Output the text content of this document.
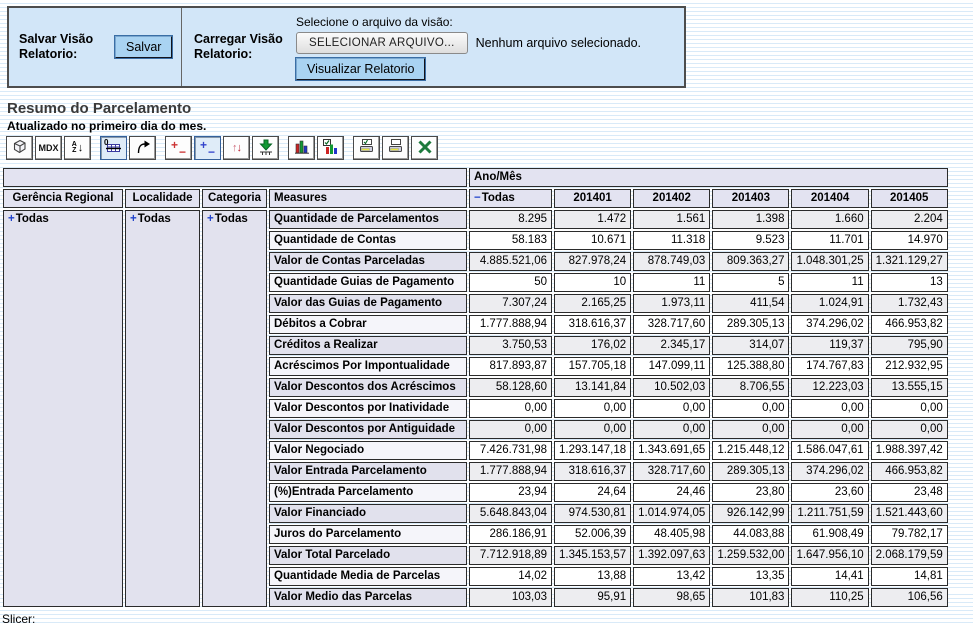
Salvar Visão Relatorio:	Salvar
Carregar Visão Relatorio:
Selecione o arquivo da visão:
SELECIONAR ARQUIVO...	Nenhum arquivo selecionado.
Visualizar Relatorio
Resumo do Parcelamento
Atualizado no primeiro dia do mes.
MDX A
Z ↓	0	+ − + − ↑↓
				Ano/Mês					
Gerência Regional	Localidade	Categoria	Measures	−Todas	201401	201402	201403	201404	201405
+Todas	+Todas	+Todas	Quantidade de Parcelamentos	8.295	1.472	1.561	1.398	1.660	2.204
			Quantidade de Contas	58.183	10.671	11.318	9.523	11.701	14.970
			Valor de Contas Parceladas	4.885.521,06	827.978,24	878.749,03	809.363,27	1.048.301,25	1.321.129,27
			Quantidade Guias de Pagamento	50	10	11	5	11	13
			Valor das Guias de Pagamento	7.307,24	2.165,25	1.973,11	411,54	1.024,91	1.732,43
			Débitos a Cobrar	1.777.888,94	318.616,37	328.717,60	289.305,13	374.296,02	466.953,82
			Créditos a Realizar	3.750,53	176,02	2.345,17	314,07	119,37	795,90
			Acréscimos Por Impontualidade	817.893,87	157.705,18	147.099,11	125.388,80	174.767,83	212.932,95
			Valor Descontos dos Acréscimos	58.128,60	13.141,84	10.502,03	8.706,55	12.223,03	13.555,15
			Valor Descontos por Inatividade	0,00	0,00	0,00	0,00	0,00	0,00
			Valor Descontos por Antiguidade	0,00	0,00	0,00	0,00	0,00	0,00
			Valor Negociado	7.426.731,98	1.293.147,18	1.343.691,65	1.215.448,12	1.586.047,61	1.988.397,42
			Valor Entrada Parcelamento	1.777.888,94	318.616,37	328.717,60	289.305,13	374.296,02	466.953,82
			(%)Entrada Parcelamento	23,94	24,64	24,46	23,80	23,60	23,48
			Valor Financiado	5.648.843,04	974.530,81	1.014.974,05	926.142,99	1.211.751,59	1.521.443,60
			Juros do Parcelamento	286.186,91	52.006,39	48.405,98	44.083,88	61.908,49	79.782,17
			Valor Total Parcelado	7.712.918,89	1.345.153,57	1.392.097,63	1.259.532,00	1.647.956,10	2.068.179,59
			Quantidade Media de Parcelas	14,02	13,88	13,42	13,35	14,41	14,81
			Valor Medio das Parcelas	103,03	95,91	98,65	101,83	110,25	106,56
Slicer:
